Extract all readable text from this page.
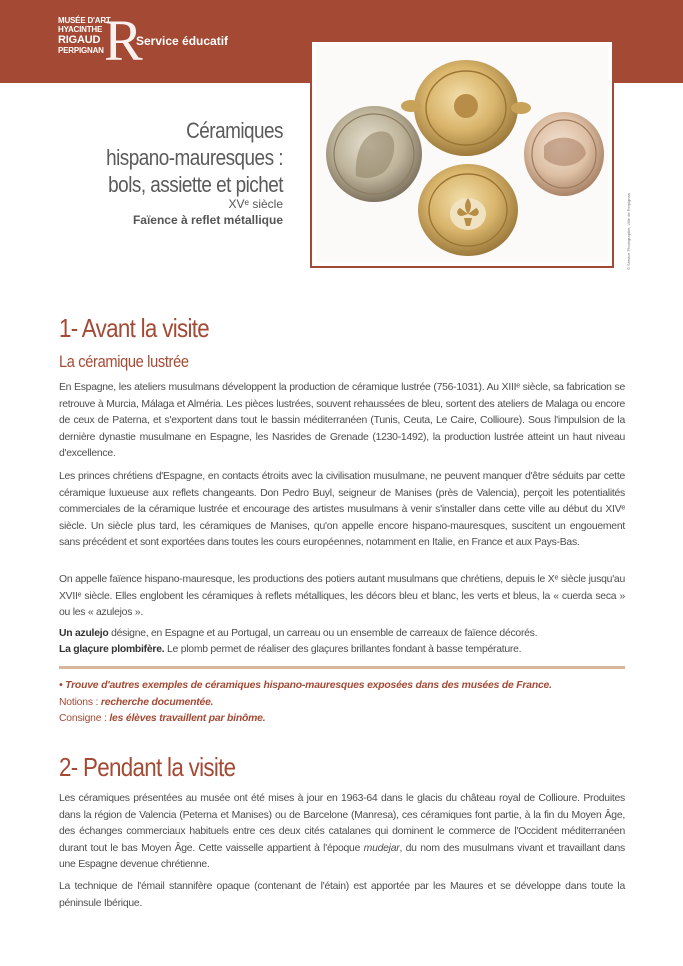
MUSÉE D'ART
HYACINTHE
RIGAUD
PERPIGNAN R
Service éducatif
© Service Photographie, Ville de Perpignan
Céramiques
hispano-mauresques :
bols, assiette et pichet
XVᵉ siècle
Faïence à reflet métallique
1- Avant la visite
La céramique lustrée

En Espagne, les ateliers musulmans développent la production de céramique lustrée (756-1031). Au XIIIᵉ siècle, sa fabrication se retrouve à Murcia, Málaga et Alméria. Les pièces lustrées, souvent rehaussées de bleu, sortent des ateliers de Malaga ou encore de ceux de Paterna, et s'exportent dans tout le bassin méditerranéen (Tunis, Ceuta, Le Caire, Collioure). Sous l'impulsion de la dernière dynastie musulmane en Espagne, les Nasrides de Grenade (1230-1492), la production lustrée atteint un haut niveau d'excellence.

Les princes chrétiens d'Espagne, en contacts étroits avec la civilisation musulmane, ne peuvent manquer d'être séduits par cette céramique luxueuse aux reflets changeants. Don Pedro Buyl, seigneur de Manises (près de Valencia), perçoit les potentialités commerciales de la céramique lustrée et encourage des artistes musulmans à venir s'installer dans cette ville au début du XIVᵉ siècle. Un siècle plus tard, les céramiques de Manises, qu'on appelle encore hispano-mauresques, suscitent un engouement sans précédent et sont exportées dans toutes les cours européennes, notamment en Italie, en France et aux Pays-Bas.

On appelle faïence hispano-mauresque, les productions des potiers autant musulmans que chrétiens, depuis le Xᵉ siècle jusqu'au XVIIᵉ siècle. Elles englobent les céramiques à reflets métalliques, les décors bleu et blanc, les verts et bleus, la « cuerda seca » ou les « azulejos ».

Un azulejo désigne, en Espagne et au Portugal, un carreau ou un ensemble de carreaux de faïence décorés.

La glaçure plombifère. Le plomb permet de réaliser des glaçures brillantes fondant à basse température.

• Trouve d'autres exemples de céramiques hispano-mauresques exposées dans des musées de France.
Notions : recherche documentée.
Consigne : les élèves travaillent par binôme.
2- Pendant la visite

Les céramiques présentées au musée ont été mises à jour en 1963-64 dans le glacis du château royal de Collioure. Produites dans la région de Valencia (Peterna et Manises) ou de Barcelone (Manresa), ces céramiques font partie, à la fin du Moyen Âge, des échanges commerciaux habituels entre ces deux cités catalanes qui dominent le commerce de l'Occident méditerranéen durant tout le bas Moyen Âge. Cette vaisselle appartient à l'époque mudejar, du nom des musulmans vivant et travaillant dans une Espagne devenue chrétienne.

La technique de l'émail stannifère opaque (contenant de l'étain) est apportée par les Maures et se développe dans toute la péninsule Ibérique.
